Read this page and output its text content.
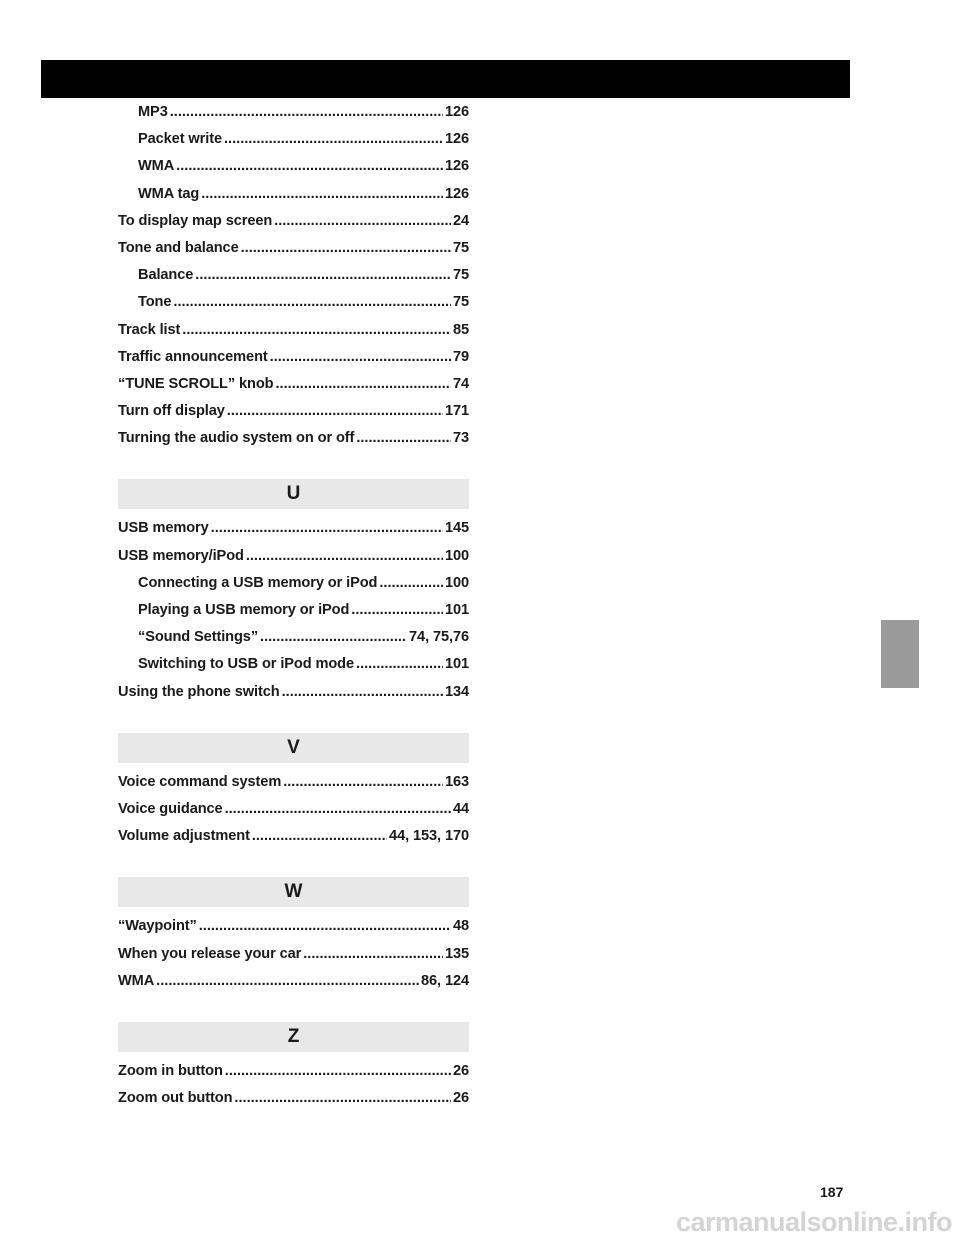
MP3 .....	126
Packet write .....	126
WMA .....	126
WMA tag .....	126
To display map screen .....	24
Tone and balance .....	75
Balance .....	75
Tone .....	75
Track list .....	85
Traffic announcement .....	79
“TUNE SCROLL” knob .....	74
Turn off display .....	171
Turning the audio system on or off .....	73
U
USB memory .....	145
USB memory/iPod .....	100
Connecting a USB memory or iPod .....	100
Playing a USB memory or iPod .....	101
“Sound Settings” .....	74, 75,76
Switching to USB or iPod mode .....	101
Using the phone switch .....	134
V
Voice command system .....	163
Voice guidance .....	44
Volume adjustment .....	44, 153, 170
W
“Waypoint” .....	48
When you release your car .....	135
WMA .....	86, 124
Z
Zoom in button .....	26
Zoom out button .....	26
187
carmanualsonline.info
